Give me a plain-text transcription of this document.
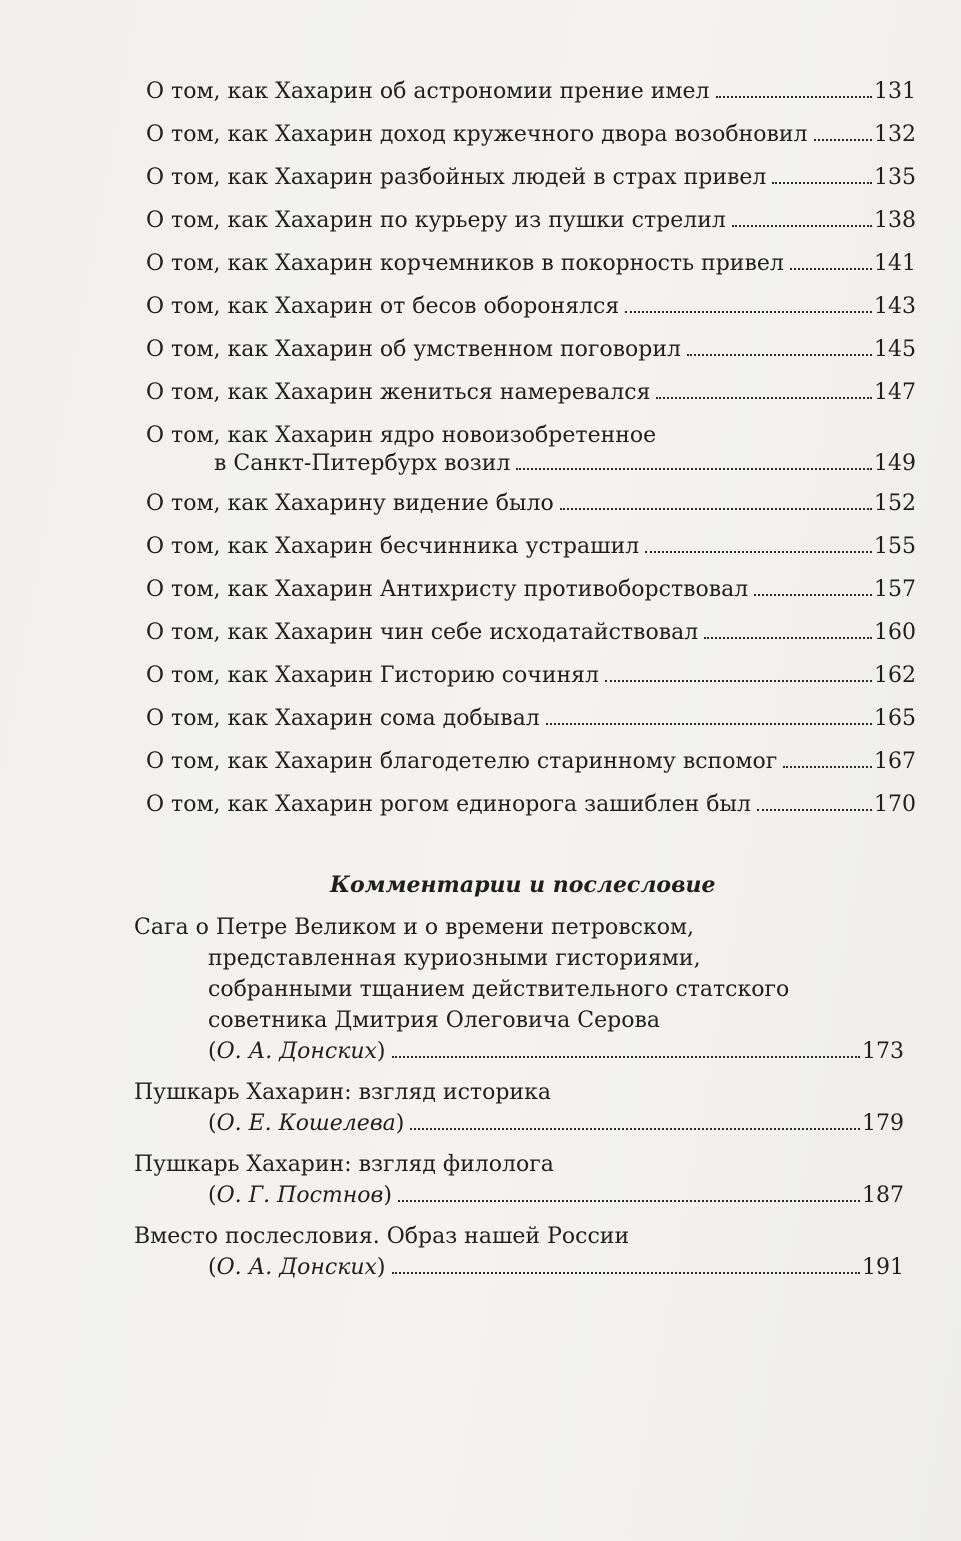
О том, как Хахарин об астрономии прение имел	131
О том, как Хахарин доход кружечного двора возобновил	132
О том, как Хахарин разбойных людей в страх привел	135
О том, как Хахарин по курьеру из пушки стрелил	138
О том, как Хахарин корчемников в покорность привел	141
О том, как Хахарин от бесов оборонялся	143
О том, как Хахарин об умственном поговорил	145
О том, как Хахарин жениться намеревался	147
О том, как Хахарин ядро новоизобретенное
в Санкт-Питербурх возил	149
О том, как Хахарину видение было	152
О том, как Хахарин бесчинника устрашил	155
О том, как Хахарин Антихристу противоборствовал	157
О том, как Хахарин чин себе исходатайствовал	160
О том, как Хахарин Гисторию сочинял	162
О том, как Хахарин сома добывал	165
О том, как Хахарин благодетелю старинному вспомог	167
О том, как Хахарин рогом единорога зашиблен был	170
Комментарии и послесловие
Сага о Петре Великом и о времени петровском,
представленная куриозными гисториями,
собранными тщанием действительного статского
советника Дмитрия Олеговича Серова
( О. А. Донских )	173
Пушкарь Хахарин: взгляд историка
( О. Е. Кошелева )	179
Пушкарь Хахарин: взгляд филолога
( О. Г. Постнов )	187
Вместо послесловия. Образ нашей России
( О. А. Донских )	191
